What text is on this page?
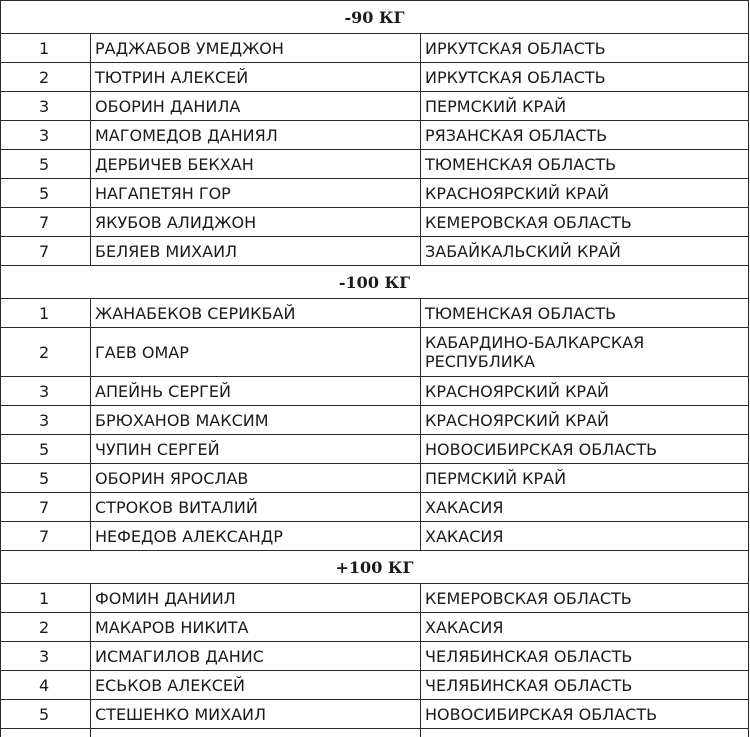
-90 КГ		
1	РАДЖАБОВ УМЕДЖОН	ИРКУТСКАЯ ОБЛАСТЬ
2	ТЮТРИН АЛЕКСЕЙ	ИРКУТСКАЯ ОБЛАСТЬ
3	ОБОРИН ДАНИЛА	ПЕРМСКИЙ КРАЙ
3	МАГОМЕДОВ ДАНИЯЛ	РЯЗАНСКАЯ ОБЛАСТЬ
5	ДЕРБИЧЕВ БЕКХАН	ТЮМЕНСКАЯ ОБЛАСТЬ
5	НАГАПЕТЯН ГОР	КРАСНОЯРСКИЙ КРАЙ
7	ЯКУБОВ АЛИДЖОН	КЕМЕРОВСКАЯ ОБЛАСТЬ
7	БЕЛЯЕВ МИХАИЛ	ЗАБАЙКАЛЬСКИЙ КРАЙ
-100 КГ		
1	ЖАНАБЕКОВ СЕРИКБАЙ	ТЮМЕНСКАЯ ОБЛАСТЬ
2	ГАЕВ ОМАР	КАБАРДИНО-БАЛКАРСКАЯ РЕСПУБЛИКА
3	АПЕЙНЬ СЕРГЕЙ	КРАСНОЯРСКИЙ КРАЙ
3	БРЮХАНОВ МАКСИМ	КРАСНОЯРСКИЙ КРАЙ
5	ЧУПИН СЕРГЕЙ	НОВОСИБИРСКАЯ ОБЛАСТЬ
5	ОБОРИН ЯРОСЛАВ	ПЕРМСКИЙ КРАЙ
7	СТРОКОВ ВИТАЛИЙ	ХАКАСИЯ
7	НЕФЕДОВ АЛЕКСАНДР	ХАКАСИЯ
+100 КГ		
1	ФОМИН ДАНИИЛ	КЕМЕРОВСКАЯ ОБЛАСТЬ
2	МАКАРОВ НИКИТА	ХАКАСИЯ
3	ИСМАГИЛОВ ДАНИС	ЧЕЛЯБИНСКАЯ ОБЛАСТЬ
4	ЕСЬКОВ АЛЕКСЕЙ	ЧЕЛЯБИНСКАЯ ОБЛАСТЬ
5	СТЕШЕНКО МИХАИЛ	НОВОСИБИРСКАЯ ОБЛАСТЬ
